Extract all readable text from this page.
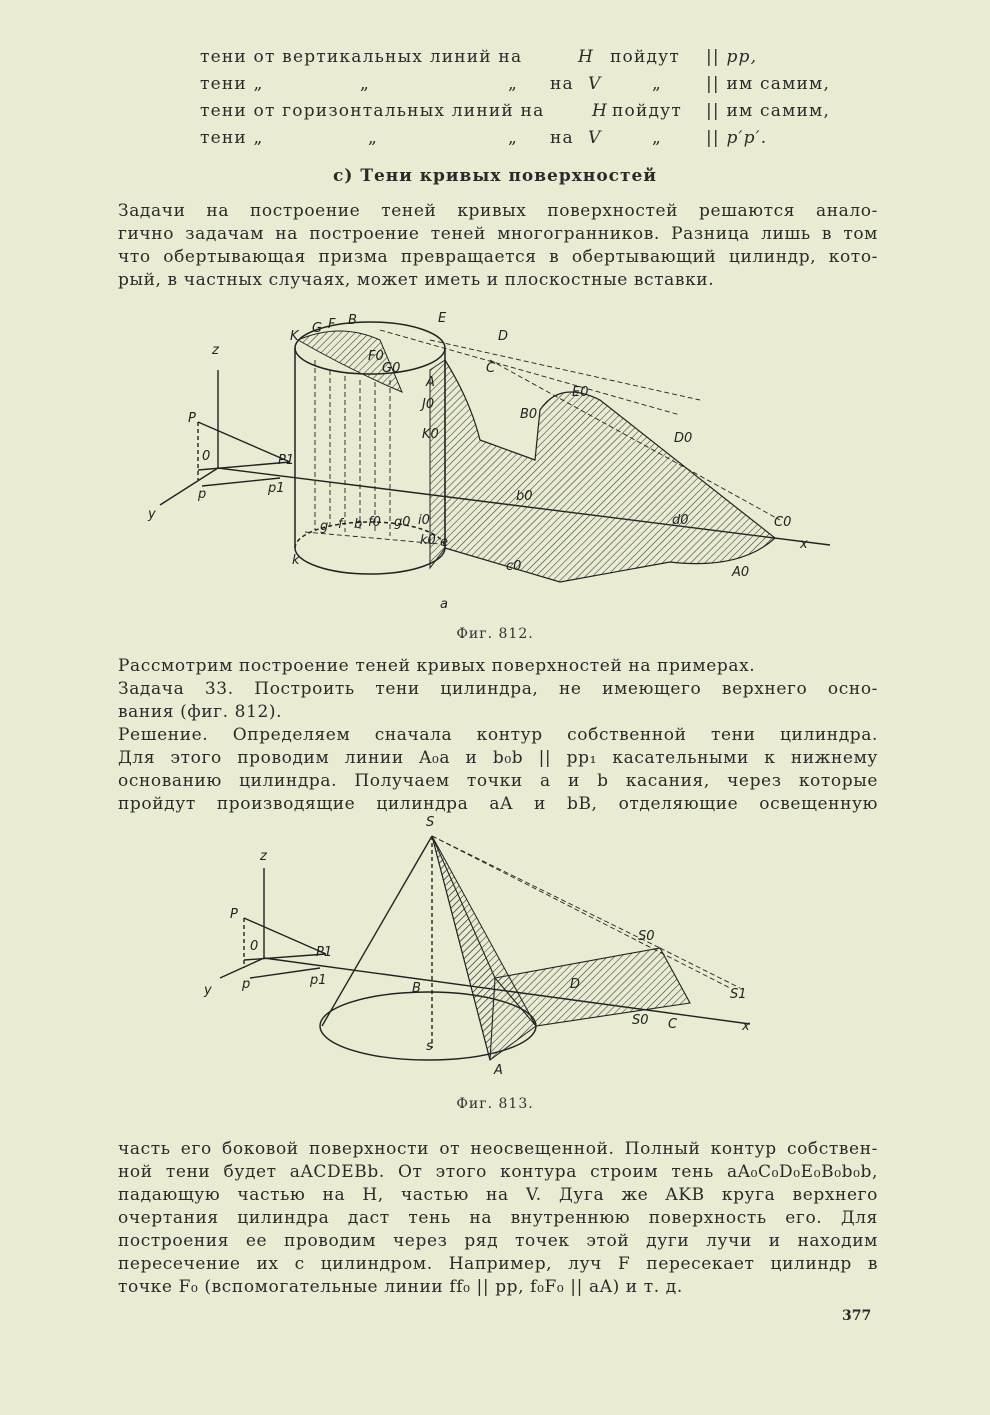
тени от вертикальных линий на	H пойдут || pp,
тени „	„	„ на V	„	|| им самим,
тени от горизонтальных линий на	H пойдут || им самим,
тени „	„	„ на V	„	|| p′p′.
c) Тени кривых поверхностей
Задачи на построение теней кривых поверхностей решаются анало-
гично задачам на построение теней многогранников. Разница лишь в том
что обертывающая призма превращается в обертывающий цилиндр, кото-
рый, в частных случаях, может иметь и плоскостные вставки.
z
y
x
P
0	P1
p1
p
K
G F B	E
D
C
A
F0
G0
J0
K0
B0
E0
D0
C0
A0
b0
d0
c0
a
k
g f b f0 g0 i0
k0 e
Фиг. 812.
Рассмотрим построение теней кривых поверхностей на примерах.
Задача 33. Построить тени цилиндра, не имеющего верхнего осно-
вания (фиг. 812).
Решение. Определяем сначала контур собственной тени цилиндра.
Для этого проводим линии A₀a и b₀b || pp₁ касательными к нижнему
основанию цилиндра. Получаем точки a и b касания, через которые
пройдут производящие цилиндра aA и bB, отделяющие освещенную
S
z
y
x
P
0	P1
p1
p
S0
S1
D
B
C
S0
A
s
Фиг. 813.
часть его боковой поверхности от неосвещенной. Полный контур собствен-
ной тени будет aACDEBb. От этого контура строим тень aA₀C₀D₀E₀B₀b₀b,
падающую частью на H, частью на V. Дуга же AKB круга верхнего
очертания цилиндра даст тень на внутреннюю поверхность его. Для
построения ее проводим через ряд точек этой дуги лучи и находим
пересечение их с цилиндром. Например, луч F пересекает цилиндр в
точке F₀ (вспомогательные линии ff₀ || pp, f₀F₀ || aA) и т. д.
377
